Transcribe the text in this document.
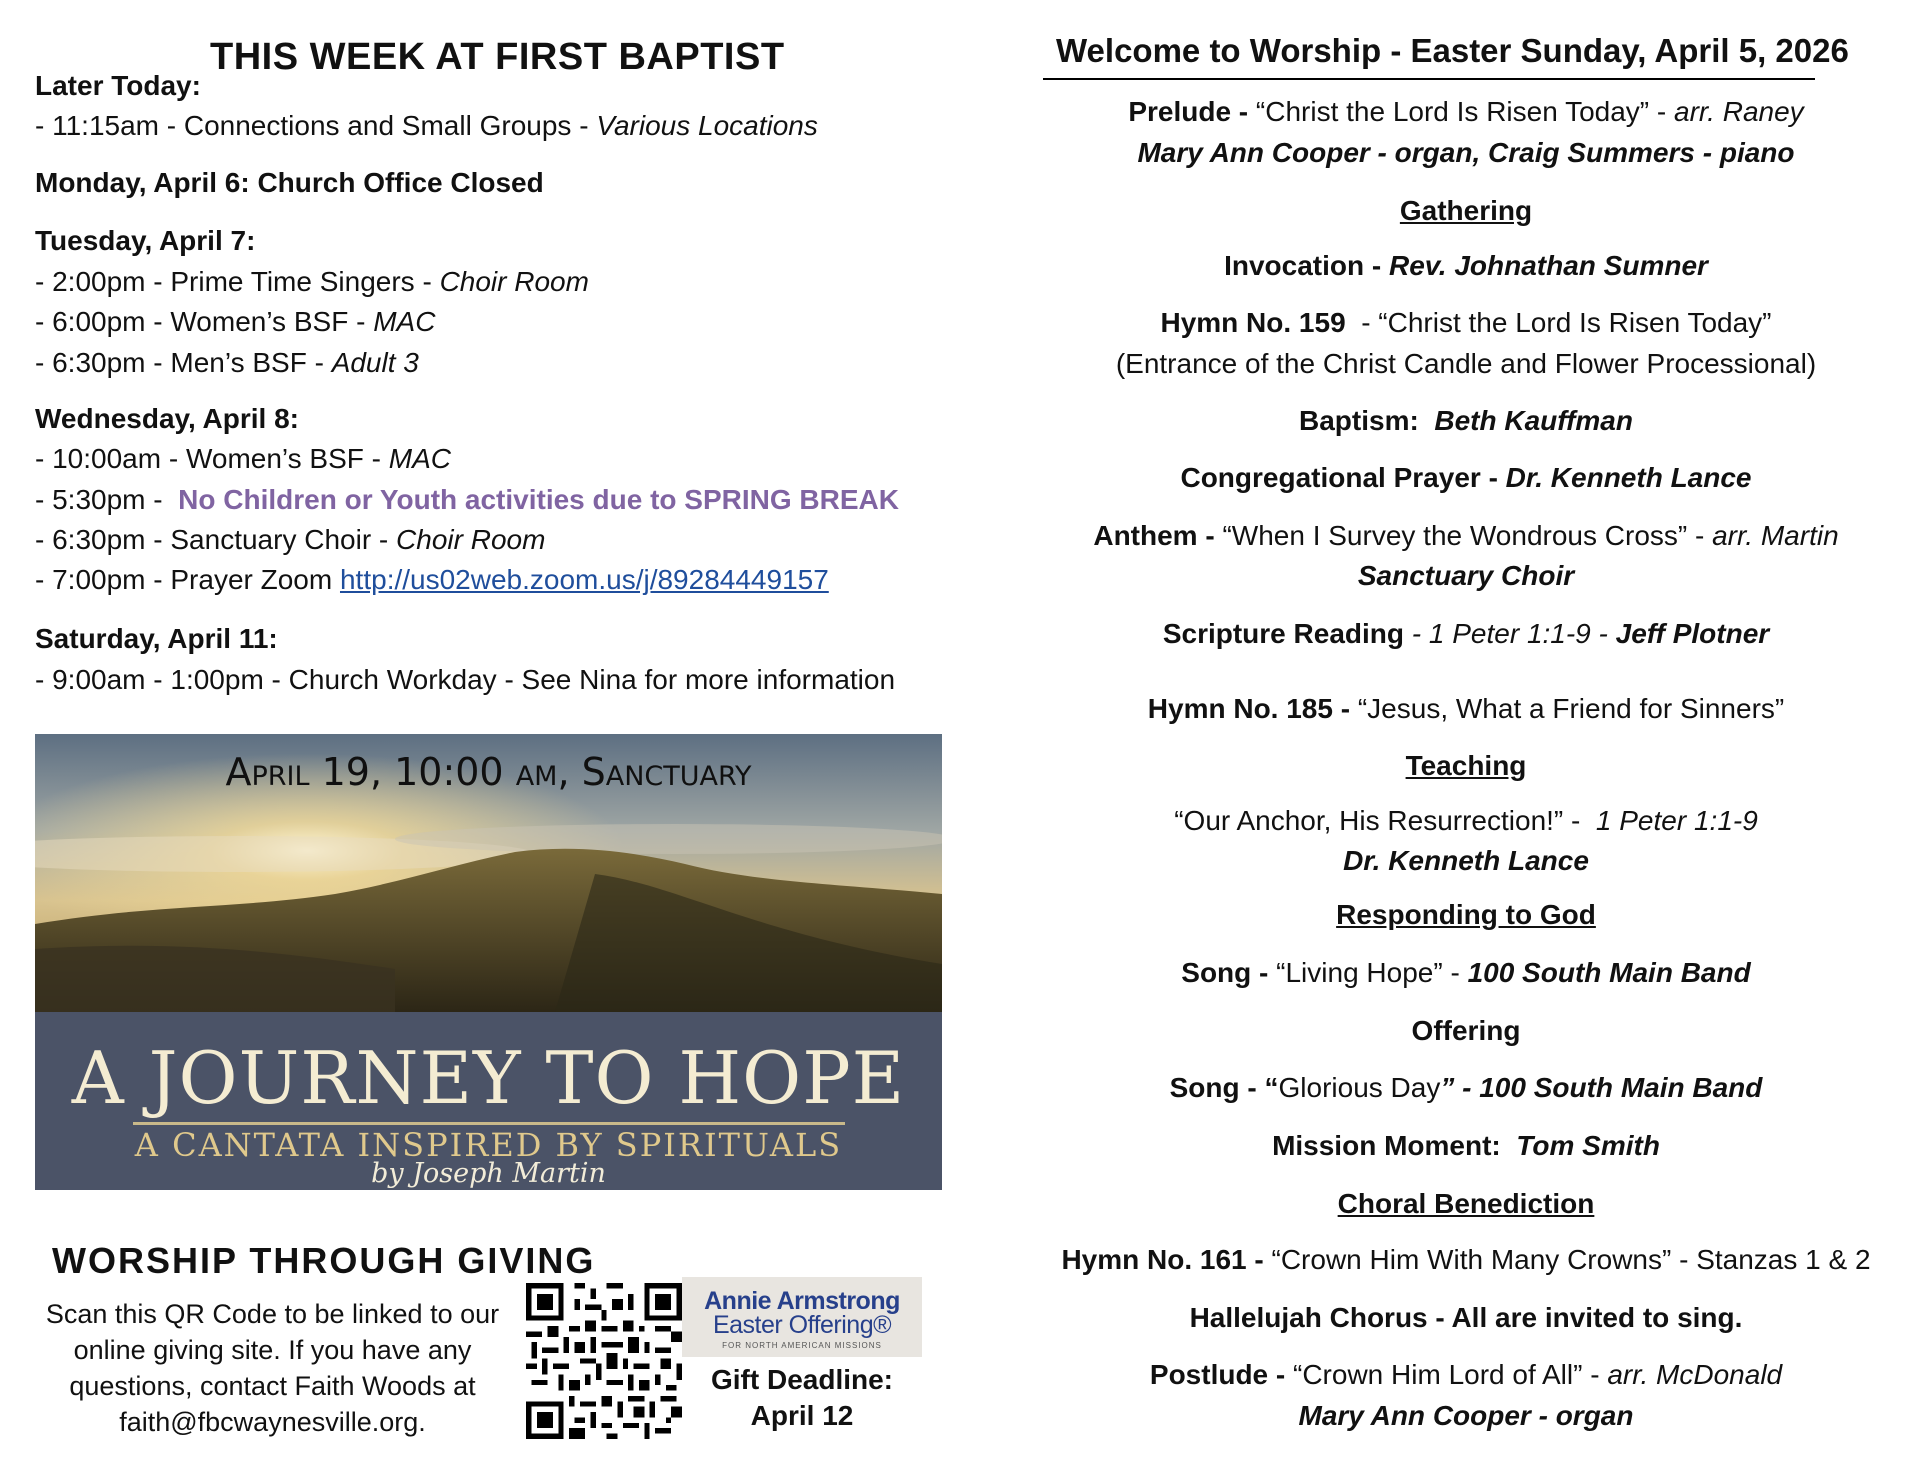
THIS WEEK AT FIRST BAPTIST
Later Today:
- 11:15am - Connections and Small Groups - Various Locations
Monday, April 6: Church Office Closed
Tuesday, April 7:
- 2:00pm - Prime Time Singers - Choir Room
- 6:00pm - Women’s BSF - MAC
- 6:30pm - Men’s BSF - Adult 3
Wednesday, April 8:
- 10:00am - Women’s BSF - MAC
- 5:30pm -  No Children or Youth activities due to SPRING BREAK
- 6:30pm - Sanctuary Choir - Choir Room
- 7:00pm - Prayer Zoom http://us02web.zoom.us/j/89284449157
Saturday, April 11:
- 9:00am - 1:00pm - Church Workday - See Nina for more information
April 19, 10:00 am, Sanctuary
A JOURNEY TO HOPE
A CANTATA INSPIRED BY SPIRITUALS
by Joseph Martin
WORSHIP THROUGH GIVING
Scan this QR Code to be linked to our online giving site. If you have any questions, contact Faith Woods at faith@fbcwaynesville.org.
Annie Armstrong
Easter Offering®
FOR NORTH AMERICAN MISSIONS
Gift Deadline:
April 12
Welcome to Worship - Easter Sunday, April 5, 2026
Prelude - “Christ the Lord Is Risen Today” - arr. Raney
Mary Ann Cooper - organ, Craig Summers - piano
Gathering
Invocation - Rev. Johnathan Sumner
Hymn No. 159  - “Christ the Lord Is Risen Today”
(Entrance of the Christ Candle and Flower Processional)
Baptism:  Beth Kauffman
Congregational Prayer - Dr. Kenneth Lance
Anthem - “When I Survey the Wondrous Cross” - arr. Martin
Sanctuary Choir
Scripture Reading - 1 Peter 1:1-9 - Jeff Plotner
Hymn No. 185 - “Jesus, What a Friend for Sinners”
Teaching
“Our Anchor, His Resurrection!” -  1 Peter 1:1-9
Dr. Kenneth Lance
Responding to God
Song - “Living Hope” - 100 South Main Band
Offering
Song - “Glorious Day” - 100 South Main Band
Mission Moment:  Tom Smith
Choral Benediction
Hymn No. 161 - “Crown Him With Many Crowns” - Stanzas 1 & 2
Hallelujah Chorus - All are invited to sing.
Postlude - “Crown Him Lord of All” - arr. McDonald
Mary Ann Cooper - organ
